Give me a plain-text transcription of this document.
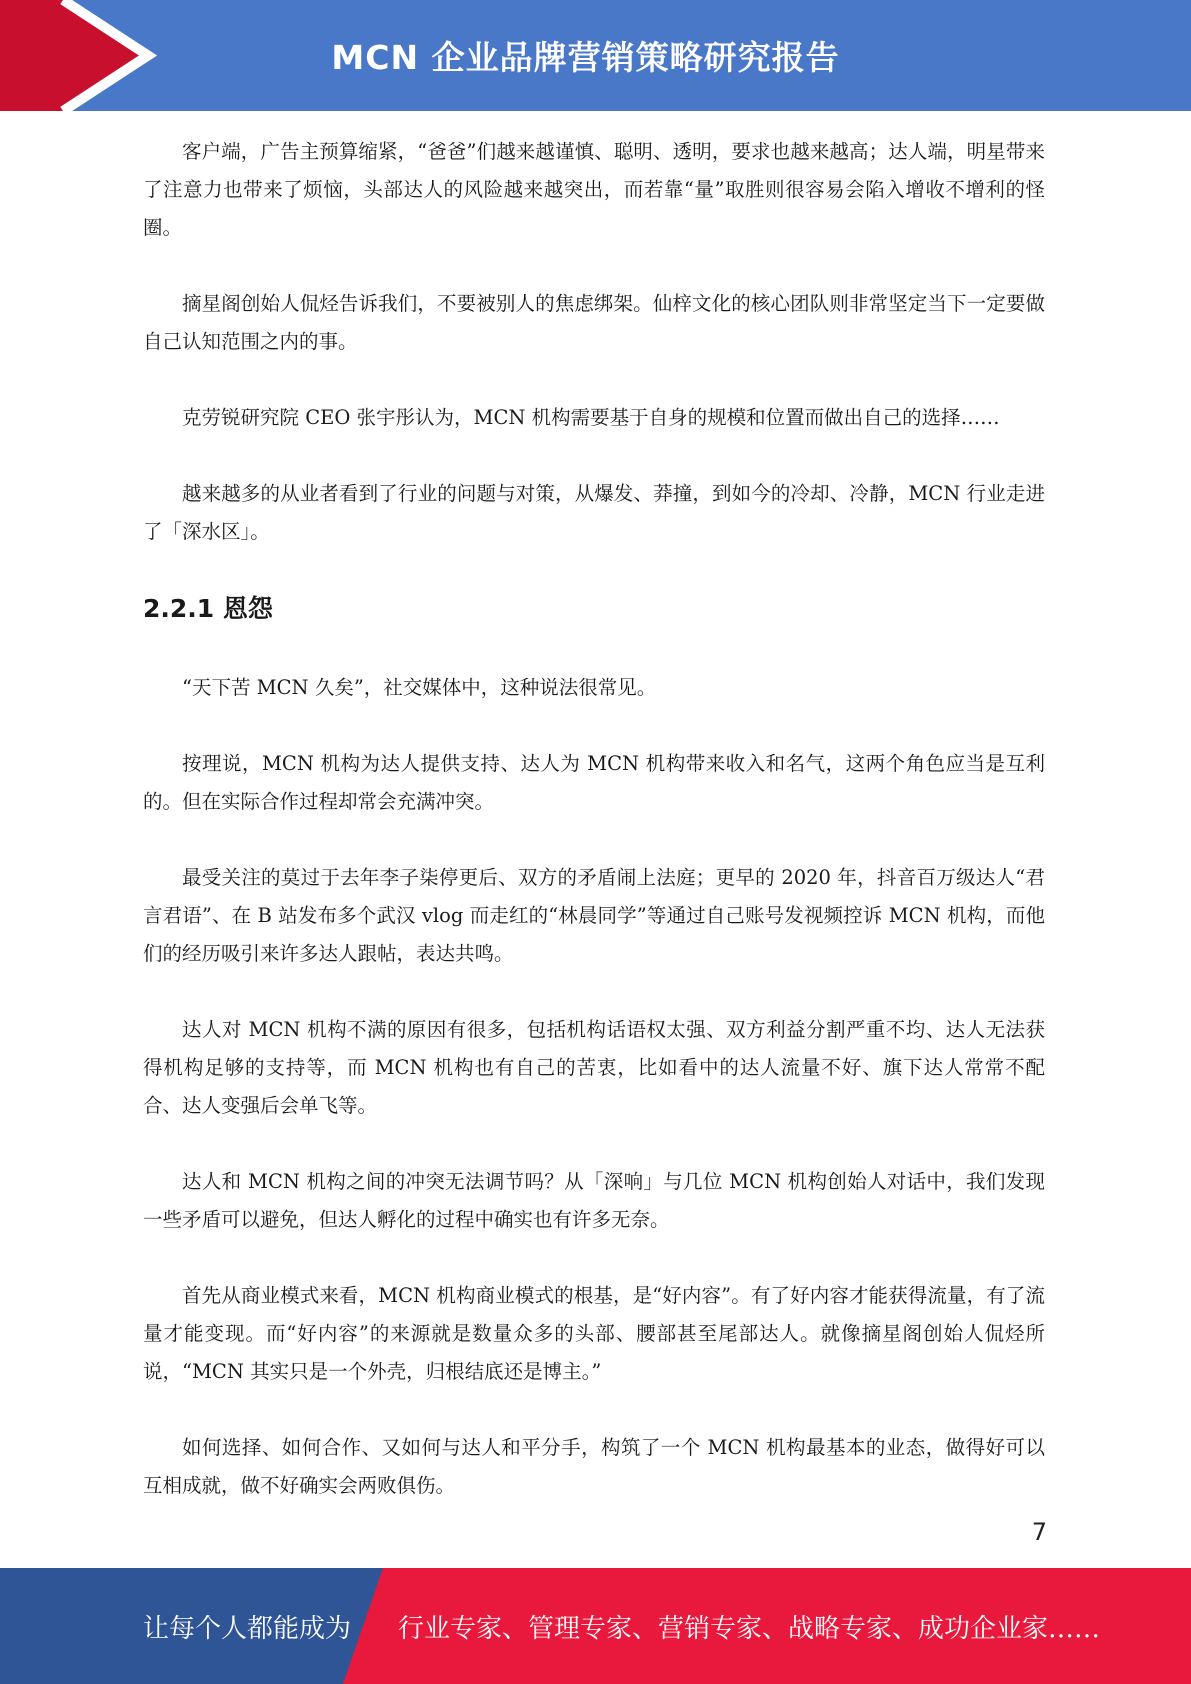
MCN 企业品牌营销策略研究报告

客户端，广告主预算缩紧，“爸爸”们越来越谨慎、聪明、透明，要求也越来越高；达人端，明星带来了注意力也带来了烦恼，头部达人的风险越来越突出，而若靠“量”取胜则很容易会陷入增收不增利的怪圈。

摘星阁创始人侃烃告诉我们，不要被别人的焦虑绑架。仙梓文化的核心团队则非常坚定当下一定要做自己认知范围之内的事。

克劳锐研究院 CEO 张宇彤认为，MCN 机构需要基于自身的规模和位置而做出自己的选择……

越来越多的从业者看到了行业的问题与对策，从爆发、莽撞，到如今的冷却、冷静，MCN 行业走进了「深水区」。

2.2.1 恩怨

“天下苦 MCN 久矣”，社交媒体中，这种说法很常见。

按理说，MCN 机构为达人提供支持、达人为 MCN 机构带来收入和名气，这两个角色应当是互利的。但在实际合作过程却常会充满冲突。

最受关注的莫过于去年李子柒停更后、双方的矛盾闹上法庭；更早的 2020 年，抖音百万级达人“君言君语”、在 B 站发布多个武汉 vlog 而走红的“林晨同学”等通过自己账号发视频控诉 MCN 机构，而他们的经历吸引来许多达人跟帖，表达共鸣。

达人对 MCN 机构不满的原因有很多，包括机构话语权太强、双方利益分割严重不均、达人无法获得机构足够的支持等，而 MCN 机构也有自己的苦衷，比如看中的达人流量不好、旗下达人常常不配合、达人变强后会单飞等。

达人和 MCN 机构之间的冲突无法调节吗？从「深响」与几位 MCN 机构创始人对话中，我们发现一些矛盾可以避免，但达人孵化的过程中确实也有许多无奈。

首先从商业模式来看，MCN 机构商业模式的根基，是“好内容”。有了好内容才能获得流量，有了流量才能变现。而“好内容”的来源就是数量众多的头部、腰部甚至尾部达人。就像摘星阁创始人侃烃所说，“MCN 其实只是一个外壳，归根结底还是博主。”

如何选择、如何合作、又如何与达人和平分手，构筑了一个 MCN 机构最基本的业态，做得好可以互相成就，做不好确实会两败俱伤。

7
让每个人都能成为 行业专家、管理专家、营销专家、战略专家、成功企业家……
